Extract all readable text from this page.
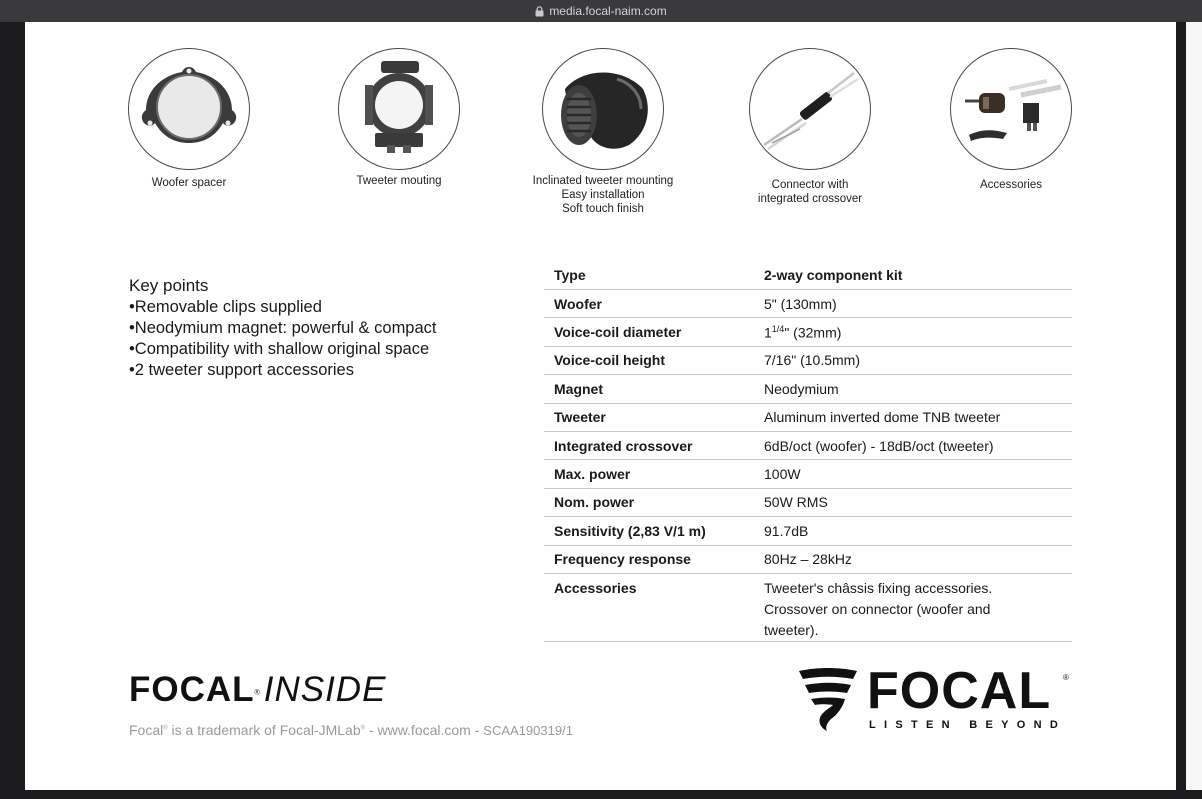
media.focal-naim.com
Woofer spacer	Tweeter mouting	Inclinated tweeter mounting
Easy installation
Soft touch finish
Connector with
integrated crossover
Accessories
Key points
•Removable clips supplied
•Neodymium magnet: powerful & compact
•Compatibility with shallow original space
•2 tweeter support accessories
Type	2-way component kit
Woofer	5" (130mm)
Voice-coil diameter	$1^{1/4}$" (32mm)
Voice-coil height	7/16" (10.5mm)
Magnet	Neodymium
Tweeter	Aluminum inverted dome TNB tweeter
Integrated crossover	6dB/oct (woofer) - 18dB/oct (tweeter)
Max. power	100W
Nom. power	50W RMS
Sensitivity (2,83 V/1 m)	91.7dB
Frequency response	80Hz – 28kHz
Accessories	Tweeter's châssis fixing accessories.
Crossover on connector (woofer and
tweeter).
FOCAL® INSIDE
Focal® is a trademark of Focal-JMLab® - www.focal.com - SCAA190319/1
FOCAL ®
LISTEN BEYOND
